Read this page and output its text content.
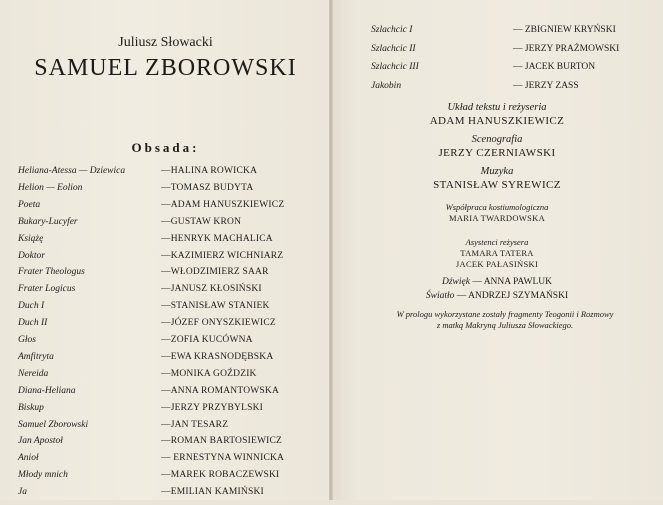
Juliusz Słowacki
SAMUEL ZBOROWSKI
Obsada:
Heliana-Atessa — Dziewica	—HALINA ROWICKA
Helion — Eolion	—TOMASZ BUDYTA
Poeta	—ADAM HANUSZKIEWICZ
Bukary-Lucyfer	—GUSTAW KRON
Książę	—HENRYK MACHALICA
Doktor	—KAZIMIERZ WICHNIARZ
Frater Theologus	—WŁODZIMIERZ SAAR
Frater Logicus	—JANUSZ KŁOSIŃSKI
Duch I	—STANISŁAW STANIEK
Duch II	—JÓZEF ONYSZKIEWICZ
Głos	—ZOFIA KUCÓWNA
Amfitryta	—EWA KRASNODĘBSKA
Nereida	—MONIKA GOŹDZIK
Diana-Heliana	—ANNA ROMANTOWSKA
Biskup	—JERZY PRZYBYLSKI
Samuel Zborowski	—JAN TESARZ
Jan Apostoł	—ROMAN BARTOSIEWICZ
Anioł	— ERNESTYNA WINNICKA
Młody mnich	—MAREK ROBACZEWSKI
Ja	—EMILIAN KAMIŃSKI
Szlachcic I	— ZBIGNIEW KRYŃSKI
Szlachcic II	— JERZY PRAŻMOWSKI
Szlachcic III	— JACEK BURTON
Jakobin	— JERZY ZASS
Układ tekstu i reżyseria
ADAM HANUSZKIEWICZ
Scenografia
JERZY CZERNIAWSKI
Muzyka
STANISŁAW SYREWICZ
Współpraca kostiumologiczna
MARIA TWARDOWSKA
Asystenci reżysera
TAMARA TATERA
JACEK PAŁASIŃSKI
Dźwięk — ANNA PAWLUK
Światło — ANDRZEJ SZYMAŃSKI
W prologu wykorzystane zostały fragmenty Teogonii i Rozmowy
z matką Makryną Juliusza Słowackiego.
